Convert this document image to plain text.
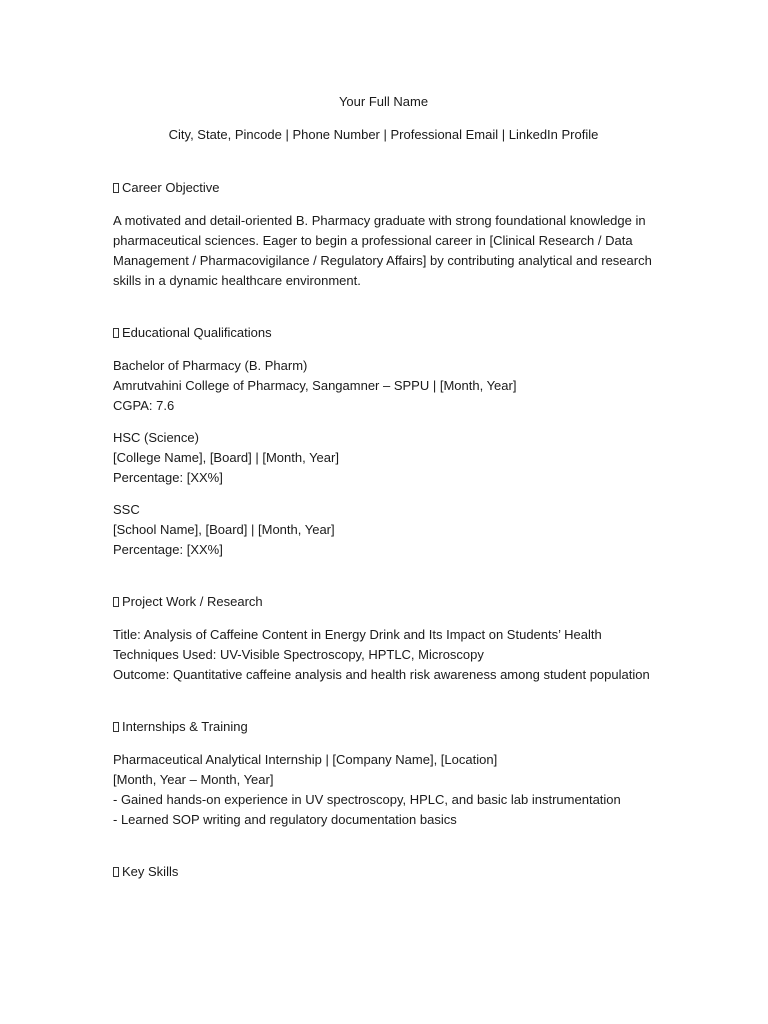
Your Full Name
City, State, Pincode | Phone Number | Professional Email | LinkedIn Profile
Career Objective
A motivated and detail-oriented B. Pharmacy graduate with strong foundational knowledge in
pharmaceutical sciences. Eager to begin a professional career in [Clinical Research / Data
Management / Pharmacovigilance / Regulatory Affairs] by contributing analytical and research
skills in a dynamic healthcare environment.
Educational Qualifications
Bachelor of Pharmacy (B. Pharm)
Amrutvahini College of Pharmacy, Sangamner – SPPU | [Month, Year]
CGPA: 7.6
HSC (Science)
[College Name], [Board] | [Month, Year]
Percentage: [XX%]
SSC
[School Name], [Board] | [Month, Year]
Percentage: [XX%]
Project Work / Research
Title: Analysis of Caffeine Content in Energy Drink and Its Impact on Students’ Health
Techniques Used: UV-Visible Spectroscopy, HPTLC, Microscopy
Outcome: Quantitative caffeine analysis and health risk awareness among student population
Internships & Training
Pharmaceutical Analytical Internship | [Company Name], [Location]
[Month, Year – Month, Year]
- Gained hands-on experience in UV spectroscopy, HPLC, and basic lab instrumentation
- Learned SOP writing and regulatory documentation basics
Key Skills
